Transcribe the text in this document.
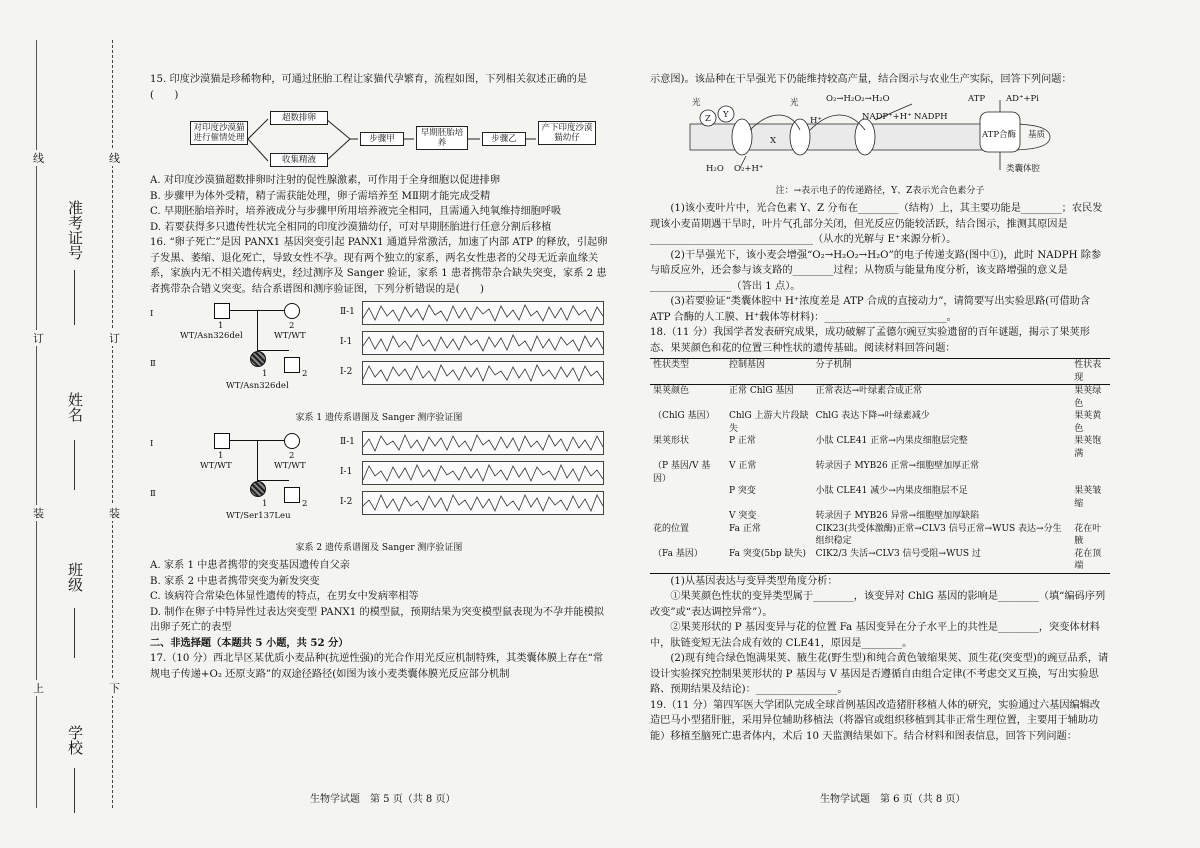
线	线
订	订
装	装
上	下
准考证号
姓名
班级
学校

15. 印度沙漠猫是珍稀物种，可通过胚胎工程让家猫代孕繁育，流程如图，下列相关叙述正确的是(　　)

对印度沙漠猫进行催情处理
超数排卵
收集精液
步骤甲
早期胚胎培养	步骤乙
产下印度沙漠猫幼仔

A. 对印度沙漠猫超数排卵时注射的促性腺激素，可作用于全身细胞以促进排卵

B. 步骤甲为体外受精，精子需获能处理，卵子需培养至 MⅡ期才能完成受精

C. 早期胚胎培养时，培养液成分与步骤甲所用培养液完全相同，且需通入纯氧维持细胞呼吸

D. 若要获得多只遗传性状完全相同的印度沙漠猫幼仔，可对早期胚胎进行任意分割后移植

16. “卵子死亡”是因 PANX1 基因突变引起 PANX1 通道异常激活，加速了内部 ATP 的释放，引起卵子发黑、萎缩、退化死亡，导致女性不孕。现有两个独立的家系，两名女性患者的父母无近亲血缘关系，家族内无不相关遗传病史，经过测序及 Sanger 验证，家系 1 患者携带杂合缺失突变，家系 2 患者携带杂合错义突变。结合系谱图和测序验证图，下列分析错误的是(　　)

Ⅰ
Ⅱ
1	2
WT/Asn326del	WT/WT
1	2
WT/Asn326del
Ⅱ-1
Ⅰ-1
Ⅰ-2

家系 1 遗传系谱图及 Sanger 测序验证图

Ⅰ
Ⅱ
1	2
WT/WT	WT/WT
1	2
WT/Ser137Leu
Ⅱ-1
Ⅰ-1
Ⅰ-2

家系 2 遗传系谱图及 Sanger 测序验证图

A. 家系 1 中患者携带的突变基因遗传自父亲

B. 家系 2 中患者携带突变为新发突变

C. 该病符合常染色体显性遗传的特点，在男女中发病率相等

D. 制作在卵子中特异性过表达突变型 PANX1 的模型鼠，预期结果为突变模型鼠表现为不孕并能模拟出卵子死亡的表型

二、非选择题（本题共 5 小题，共 52 分）

17.（10 分）西北旱区某优质小麦品种(抗逆性强)的光合作用光反应机制特殊，其类囊体膜上存在“常规电子传递+O₂ 还原支路”的双途径路径(如图为该小麦类囊体膜光反应部分机制

生物学试题　第 5 页（共 8 页）

示意图)。该品种在干旱强光下仍能维持较高产量，结合图示与农业生产实际，回答下列问题：

光	光
Z Y
X
O₂→H₂O₂→H₂O
NADP⁺+H⁺ NADPH
ATP AD⁺+Pi
ATP合酶 基质
H⁺
H₂O O₂+H⁺	类囊体腔

注：→表示电子的传递路径，Y、Z表示光合色素分子

(1)该小麦叶片中，光合色素 Y、Z 分布在________（结构）上，其主要功能是________；农民发现该小麦苗期遇干旱时，叶片气孔部分关闭，但光反应仍能较活跃，结合图示，推测其原因是________________________________（从水的光解与 E⁺来源分析）。

(2)干旱强光下，该小麦会增强“O₂→H₂O₂→H₂O”的电子传递支路(图中①)，此时 NADPH 除参与暗反应外，还会参与该支路的________过程；从物质与能量角度分析，该支路增强的意义是________________（答出 1 点）。

(3)若要验证“类囊体腔中 H⁺浓度差是 ATP 合成的直接动力”，请简要写出实验思路(可借助含 ATP 合酶的人工膜、H⁺载体等材料)：________________________。

18.（11 分）我国学者发表研究成果，成功破解了孟德尔豌豆实验遗留的百年谜题，揭示了果荚形态、果荚颜色和花的位置三种性状的遗传基础。阅读材料回答问题：

性状类型	控制基因	分子机制	性状表现
果荚颜色	正常 ChlG 基因	正常表达→叶绿素合成正常	果荚绿色
（ChlG 基因）	ChlG 上游大片段缺失	ChlG 表达下降→叶绿素减少	果荚黄色
果荚形状	P 正常	小肽 CLE41 正常→内果皮细胞层完整	果荚饱满
（P 基因/V 基因）	V 正常	转录因子 MYB26 正常→细胞壁加厚正常	
	P 突变	小肽 CLE41 减少→内果皮细胞层不足	果荚皱缩
	V 突变	转录因子 MYB26 异常→细胞壁加厚缺陷	
花的位置	Fa 正常	CIK23(共受体激酶)正常→CLV3 信号正常→WUS 表达→分生组织稳定	花在叶腋
（Fa 基因）	Fa 突变(5bp 缺失)	CIK2/3 失活→CLV3 信号受阻→WUS 过	花在顶端

(1)从基因表达与变异类型角度分析：

①果荚颜色性状的变异类型属于________，该变异对 ChlG 基因的影响是________（填“编码序列改变”或“表达调控异常”）。

②果荚形状的 P 基因变异与花的位置 Fa 基因变异在分子水平上的共性是________，突变体材料中，肽链变短无法合成有效的 CLE41，原因是________。

(2)现有纯合绿色饱满果荚、腋生花(野生型)和纯合黄色皱缩果荚、顶生花(突变型)的豌豆品系，请设计实验探究控制果荚形状的 P 基因与 V 基因是否遵循自由组合定律(不考虑交叉互换，写出实验思路、预期结果及结论)：________________。

19.（11 分）第四军医大学团队完成全球首例基因改造猪肝移植人体的研究，实验通过六基因编辑改造巴马小型猪肝脏，采用异位辅助移植法（将器官或组织移植到其非正常生理位置，主要用于辅助功能）移植至脑死亡患者体内，术后 10 天监测结果如下。结合材料和图表信息，回答下列问题：

生物学试题　第 6 页（共 8 页）
